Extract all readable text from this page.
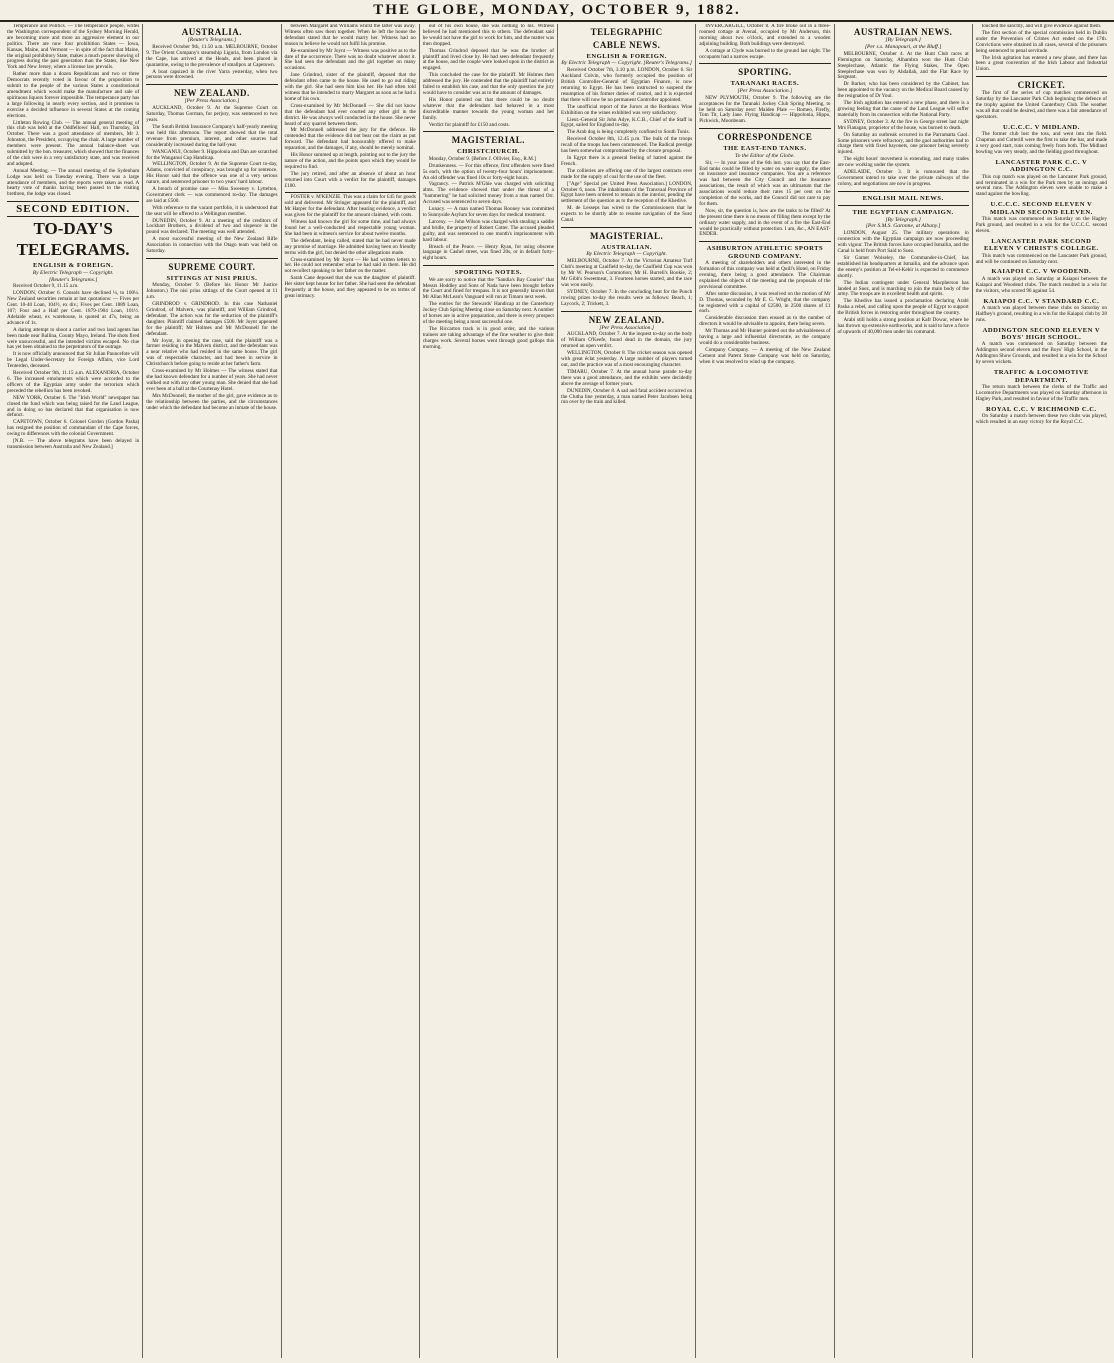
THE GLOBE, MONDAY, OCTOBER 9, 1882.

Temperance and Politics. — The temperance people, writes the Washington correspondent of the Sydney Morning Herald, are becoming more and more an aggressive element in our politics. There are now four prohibition States — Iowa, Kansas, Maine, and Vermont — in spite of the fact that Maine, the original prohibitory State, makes a much poorer showing of progress during the past generation than the States, like New York and New Jersey, where a license law prevails.

Rather more than a dozen Republicans and two or three Democrats recently voted in favour of the proposition to submit to the people of the various States a constitutional amendment which would make the manufacture and sale of spirituous liquors forever impossible. The temperance party has a large following in nearly every section, and it promises to exercise a decided influence in several States at the coming elections.

Littleton Rowing Club. — The annual general meeting of this club was held at the Oddfellows' Hall, on Thursday, 5th October. There was a good attendance of members, Mr J. Johnston, the President, occupying the chair. A large number of members were present. The annual balance-sheet was submitted by the hon. treasurer, which showed that the finances of the club were in a very satisfactory state, and was received and adopted.

Annual Meeting. — The annual meeting of the Sydenham Lodge was held on Tuesday evening. There was a large attendance of members, and the reports were taken as read. A hearty vote of thanks having been passed to the visiting brethren, the lodge was closed.

SECOND EDITION.
TO-DAY'S
TELEGRAMS.
ENGLISH & FOREIGN.
By Electric Telegraph — Copyright.
[Reuter's Telegrams.]

Received October 9, 11.15 a.m.

LONDON, October 6. Consols have declined ¼, to 100¼. New Zealand securities remain at last quotations: — Fives per Cent. 10-40 Loan, 104½, ex div.; Fives per Cent. 1889 Loan, 107; Four and a Half per Cent. 1879-1904 Loan, 101½. Adelaide wheat, ex warehouse, is quoted at 47s, being an advance of 1s.

A daring attempt to shoot a carrier and two land agents has been made near Ballina, County Mayo, Ireland. The shots fired were unsuccessful, and the intended victims escaped. No clue has yet been obtained to the perpetrators of the outrage.

It is now officially announced that Sir Julian Pauncefote will be Legal Under-Secretary for Foreign Affairs, vice Lord Tenterden, deceased.

Received October 9th, 11.15 a.m. ALEXANDRIA, October 6. The increased emoluments which were accorded to the officers of the Egyptian army under the terrorism which preceded the rebellion has been revoked.

NEW YORK, October 6. The "Irish World" newspaper has closed the fund which was being raised for the Land League, and in doing so has declared that that organisation is now defunct.

CAPETOWN, October 6. Colonel Gordon (Gordon Pasha) has resigned the position of commandant of the Cape forces, owing to differences with the colonial Government.

[N.B. — The above telegrams have been delayed in transmission between Australia and New Zealand.]

AUSTRALIA.
[Reuter's Telegrams.]

Received October 9th, 11.50 a.m. MELBOURNE, October 9. The Orient Company's steamship Liguria, from London via the Cape, has arrived at the Heads, and been placed in quarantine, owing to the prevalence of smallpox at Capetown.

A boat capsized in the river Yarra yesterday, when two persons were drowned.

NEW ZEALAND.
[Per Press Association.]

AUCKLAND, October 9. At the Supreme Court on Saturday, Thomas Gorman, for perjury, was sentenced to two years.

The South British Insurance Company's half-yearly meeting was held this afternoon. The report showed that the total revenue from premium, interest, and other sources had considerably increased during the half-year.

WANGANUI, October 9. Hippolonia and Dan are scratched for the Wanganui Cup Handicap.

WELLINGTON, October 9. At the Supreme Court to-day, Adams, convicted of conspiracy, was brought up for sentence. His Honor said that the offence was one of a very serious nature, and sentenced prisoner to two years' hard labour.

A breach of promise case — Miss Sweeney v. Lyttelton, Government clerk — was commenced to-day. The damages are laid at £500.

With reference to the vacant portfolio, it is understood that the seat will be offered to a Wellington member.

DUNEDIN, October 9. At a meeting of the creditors of Lockhart Brothers, a dividend of two and sixpence in the pound was declared. The meeting was well attended.

A most successful meeting of the New Zealand Rifle Association in connection with the Otago team was held on Saturday.

SUPREME COURT.
SITTINGS AT NISI PRIUS.

Monday, October 9. (Before his Honor Mr Justice Johnston.) The nisi prius sittings of the Court opened at 11 a.m.

GRINDROD v. GRINDROD. In this case Nathaniel Grindrod, of Malvern, was plaintiff, and William Grindrod, defendant. The action was for the seduction of the plaintiff's daughter. Plaintiff claimed damages £500. Mr Joynt appeared for the plaintiff; Mr Holmes and Mr McDonnell for the defendant.

Mr Joynt, in opening the case, said the plaintiff was a farmer residing in the Malvern district, and the defendant was a near relative who had resided in the same house. The girl was of respectable character, and had been in service in Christchurch before going to reside at her father's farm.

Cross-examined by Mr Holmes — The witness stated that she had known defendant for a number of years. She had never walked out with any other young man. She denied that she had ever been at a ball at the Courtenay Hotel.

Mrs McDonnell, the mother of the girl, gave evidence as to the relationship between the parties, and the circumstances under which the defendant had become an inmate of the house.

between Margaret and Williams whilst the latter was away. Witness often saw them together. When he left the house the defendant stated that he would marry her. Witness had no reason to believe he would not fulfil his promise.

Re-examined by Mr Joynt — Witness was positive as to the date of the occurrence. There was no doubt whatever about it. She had seen the defendant and the girl together on many occasions.

Jane Grindrod, sister of the plaintiff, deposed that the defendant often came to the house. He used to go out riding with the girl. She had seen him kiss her. He had often told witness that he intended to marry Margaret as soon as he had a home of his own.

Cross-examined by Mr McDonnell — She did not know that the defendant had ever courted any other girl in the district. He was always well conducted in the house. She never heard of any quarrel between them.

Mr McDonnell addressed the jury for the defence. He contended that the evidence did not bear out the claim as put forward. The defendant had honourably offered to make reparation, and the damages, if any, should be merely nominal.

His Honor summed up at length, pointing out to the jury the nature of the action, and the points upon which they would be required to find.

The jury retired, and after an absence of about an hour returned into Court with a verdict for the plaintiff, damages £100.

FOSTER v. M'KENZIE. This was a claim for £45 for goods sold and delivered. Mr Stringer appeared for the plaintiff, and Mr Harper for the defendant. After hearing evidence, a verdict was given for the plaintiff for the amount claimed, with costs.

Witness had known the girl for some time, and had always found her a well-conducted and respectable young woman. She had been in witness's service for about twelve months.

The defendant, being called, stated that he had never made any promise of marriage. He admitted having been on friendly terms with the girl, but denied the other allegations made.

Cross-examined by Mr Joynt — He had written letters to her. He could not remember what he had said in them. He did not recollect speaking to her father on the matter.

Sarah Cane deposed that she was the daughter of plaintiff. Her sister kept house for her father. She had seen the defendant frequently at the house, and they appeared to be on terms of great intimacy.

out of his own house, she was nothing to his. Witness believed he had mentioned this to others. The defendant said he would not have the girl to work for him, and the matter was then dropped.

Thomas Grindrod deposed that he was the brother of plaintiff and lived close by. He had seen defendant frequently at the house, and the couple were looked upon in the district as engaged.

This concluded the case for the plaintiff. Mr Holmes then addressed the jury. He contended that the plaintiff had entirely failed to establish his case, and that the only question the jury would have to consider was as to the amount of damages.

His Honor pointed out that there could be no doubt whatever that the defendant had behaved in a most discreditable manner towards the young woman and her family.

Verdict for plaintiff for £150 and costs.

MAGISTERIAL.
CHRISTCHURCH.

Monday, October 9. [Before J. Ollivier, Esq., R.M.]

Drunkenness. — For this offence, first offenders were fined 5s each, with the option of twenty-four hours' imprisonment. An old offender was fined 10s or forty-eight hours.

Vagrancy. — Patrick M'Ghie was charged with soliciting alms. The evidence showed that under the threat of a "hammering" he had solicited money from a man named Orr. Accused was sentenced to seven days.

Lunacy. — A man named Thomas Rooney was committed to Sunnyside Asylum for seven days for medical treatment.

Larceny. — John Wilson was charged with stealing a saddle and bridle, the property of Robert Cotter. The accused pleaded guilty, and was sentenced to one month's imprisonment with hard labour.

Breach of the Peace. — Henry Ryan, for using obscene language in Cashel street, was fined 20s, or in default forty-eight hours.

SPORTING NOTES.

We are sorry to notice that the "Sandia's Bay Courier" that Messrs Hoddley and Sons of Nada have been brought before the Court and fined for trespass. It is not generally known that Mr Allan McLean's Vanguard will run at Timaru next week.

The entries for the Stewards' Handicap at the Canterbury Jockey Club Spring Meeting close on Saturday next. A number of horses are in active preparation, and there is every prospect of the meeting being a most successful one.

The Riccarton track is in good order, and the various trainers are taking advantage of the fine weather to give their charges work. Several horses went through good gallops this morning.

TELEGRAPHIC
CABLE NEWS.
ENGLISH & FOREIGN.
By Electric Telegraph — Copyright. [Reuter's Telegrams.]

Received October 7th, 3.10 p.m. LONDON, October 6. Sir Auckland Colvin, who formerly occupied the position of British Controller-General of Egyptian Finance, is now returning to Egypt. He has been instructed to suspend the resumption of his former duties of control, and it is expected that there will now be no permanent Controller appointed.

The unofficial report of the Jurors at the Bordeaux Wine Exhibition on the wines exhibited was very satisfactory.

Lieut.-General Sir John Adye, K.C.B., Chief of the Staff in Egypt, sailed for England to-day.

The Arab dog is being completely confined to South Tunis.

Received October 8th, 12.45 p.m. The bulk of the troops recall of the troops has been commenced. The Radical prestige has been somewhat compromised by the closure proposal.

In Egypt there is a general feeling of hatred against the French.

The collieries are offering one of the largest contracts ever made for the supply of coal for the use of the fleet.

["Age" Special per United Press Association.] LONDON, October 6, noon. The inhabitants of the Transvaal Province of Egypt have been ordered to remain in the interior, pending the settlement of the question as to the reception of the Khedive.

M. de Lesseps has wired to the Commissioners that he expects to be shortly able to resume navigation of the Suez Canal.

MAGISTERIAL.
AUSTRALIAN.
By Electric Telegraph — Copyright.

MELBOURNE, October 7. At the Victorian Amateur Turf Club's meeting at Caulfield to-day, the Caulfield Cup was won by Mr W. Pearson's Commotion; Mr H. Burrell's Bookie, 2; Mr Gibb's Sweetmeat, 3. Fourteen horses started, and the race was won easily.

SYDNEY, October 7. In the concluding heat for the Punch rowing prizes to-day the results were as follows: Beach, 1; Laycock, 2; Trickett, 3.

NEW ZEALAND.
[Per Press Association.]

AUCKLAND, October 7. At the inquest to-day on the body of William O'Keefe, found dead in the domain, the jury returned an open verdict.

WELLINGTON, October 8. The cricket season was opened with great éclat yesterday. A large number of players turned out, and the practice was of a most encouraging character.

TIMARU, October 7. At the annual horse parade to-day there was a good attendance, and the exhibits were decidedly above the average of former years.

DUNEDIN, October 8. A sad and fatal accident occurred on the Clutha line yesterday, a man named Peter Jacobsen being run over by the train and killed.

INVERCARGILL, October 8. A fire broke out in a three-roomed cottage at Avenal, occupied by Mr Anderson, this morning about two o'clock, and extended to a wooden adjoining building. Both buildings were destroyed.

A cottage at Clyde was burned to the ground last night. The occupants had a narrow escape.

SPORTING.
TARANAKI RACES.
[Per Press Association.]

NEW PLYMOUTH, October 9. The following are the acceptances for the Taranaki Jockey Club Spring Meeting, to be held on Saturday next: Maiden Plate — Romeo, Firefly, Tom Tit, Lady Jane. Flying Handicap — Hippolonia, Hippo, Pickwick, Moonbeam.

CORRESPONDENCE
THE EAST-END TANKS.
To the Editor of the Globe.

Sir, — In your issue of the 6th inst. you say that the East-End tanks could be filled by water on water supply, the other on insurance and insurance companies. You are a reference was had between the City Council and the insurance associations, the result of which was an ultimatum that the associations would reduce their rates 15 per cent on the completion of the works, and the Council did not care to pay for them.

Now, sir, the question is, how are the tanks to be filled? At the present time there is no means of filling them except by the ordinary water supply, and in the event of a fire the East-End would be practically without protection. I am, &c., AN EAST-ENDER.

ASHBURTON ATHLETIC SPORTS GROUND COMPANY.

A meeting of shareholders and others interested in the formation of this company was held at Quill's Hotel, on Friday evening, there being a good attendance. The Chairman explained the objects of the meeting and the proposals of the provisional committee.

After some discussion, it was resolved on the motion of Mr D. Thomas, seconded by Mr E. G. Wright, that the company be registered with a capital of £2500, in 2500 shares of £1 each.

Considerable discussion then ensued as to the number of directors it would be advisable to appoint, there being seven.

Mr Thomas and Mr Hunter pointed out the advisableness of having a large and influential directorate, as the company would do a considerable business.

Company Company. — A meeting of the New Zealand Cement and Patent Stone Company was held on Saturday, when it was resolved to wind up the company.

AUSTRALIAN NEWS.
[By Telegraph.]
[Per s.s. Manapouri, at the Bluff.]

MELBOURNE, October 4. At the Hunt Club races at Flemington on Saturday, Alhambra won the Hunt Club Steeplechase, Atlantic the Flying Stakes, The Open Steeplechase was won by Ahdallah, and the Flat Race by Sergeant.

Dr Barker, who has been considered by the Cabinet, has been appointed to the vacancy on the Medical Board caused by the resignation of Dr Youl.

The Irish agitation has entered a new phase, and there is a growing feeling that the cause of the Land League will suffer materially from its connection with the National Party.

SYDNEY, October 3. At the fire in George street last night Mrs Flanagan, proprietor of the house, was burned to death.

On Saturday an outbreak occurred in the Parramatta Gaol. Some prisoners were refractory, and the gaol authorities had to charge them with fixed bayonets, one prisoner being severely injured.

The eight hours' movement is extending, and many trades are now working under the system.

ADELAIDE, October 3. It is rumoured that the Government intend to take over the private railways of the colony, and negotiations are now in progress.

ENGLISH MAIL NEWS.
THE EGYPTIAN CAMPAIGN.
[By Telegraph.]
[Per S.M.S. Garonne, at Albany.]

LONDON, August 25. The military operations in connection with the Egyptian campaign are now proceeding with vigour. The British forces have occupied Ismailia, and the Canal is held from Port Said to Suez.

Sir Garnet Wolseley, the Commander-in-Chief, has established his headquarters at Ismailia, and the advance upon the enemy's position at Tel-el-Kebir is expected to commence shortly.

The Indian contingent under General Macpherson has landed at Suez, and is marching to join the main body of the army. The troops are in excellent health and spirits.

The Khedive has issued a proclamation declaring Arabi Pasha a rebel, and calling upon the people of Egypt to support the British forces in restoring order throughout the country.

Arabi still holds a strong position at Kafr Dowar, where he has thrown up extensive earthworks, and is said to have a force of upwards of 40,000 men under his command.

touched the sanctity, and will give evidence against them.

The first section of the special commission held in Dublin under the Prevention of Crimes Act ended on the 17th. Convictions were obtained in all cases, several of the prisoners being sentenced to penal servitude.

The Irish agitation has entered a new phase, and there has been a great convention of the Irish Labour and Industrial Union.

CRICKET.

The first of the series of cup matches commenced on Saturday by the Lancaster Park Club beginning the defence of the trophy against the United Canterbury Club. The weather was all that could be desired, and there was a fair attendance of spectators.

U.C.C.C. V MIDLAND.

The former club lost the toss, and went into the field. Chapman and Cotterill were the first to take the bat, and made a very good start, runs coming freely from both. The Midland bowling was very steady, and the fielding good throughout.

LANCASTER PARK C.C. V ADDINGTON C.C.

This cup match was played on the Lancaster Park ground, and terminated in a win for the Park men by an innings and several runs. The Addington eleven were unable to make a stand against the bowling.

U.C.C.C. SECOND ELEVEN V MIDLAND SECOND ELEVEN.

This match was commenced on Saturday on the Hagley Park ground, and resulted in a win for the U.C.C.C. second eleven.

LANCASTER PARK SECOND ELEVEN V CHRIST'S COLLEGE.

This match was commenced on the Lancaster Park ground, and will be continued on Saturday next.

KAIAPOI C.C. V WOODEND.

A match was played on Saturday at Kaiapoi between the Kaiapoi and Woodend clubs. The match resulted in a win for the visitors, who scored 96 against 54.

KAIAPOI C.C. V STANDARD C.C.

A match was played between these clubs on Saturday on Halfhey's ground, resulting in a win for the Kaiapoi club by 28 runs.

ADDINGTON SECOND ELEVEN V BOYS' HIGH SCHOOL.

A match was commenced on Saturday between the Addington second eleven and the Boys' High School, in the Addington Show Grounds, and resulted in a win for the School by seven wickets.

TRAFFIC & LOCOMOTIVE DEPARTMENT.

The return match between the clerks of the Traffic and Locomotive Departments was played on Saturday afternoon in Hagley Park, and resulted in favour of the Traffic men.

ROYAL C.C. V RICHMOND C.C.

On Saturday a match between these two clubs was played, which resulted in an easy victory for the Royal C.C.
